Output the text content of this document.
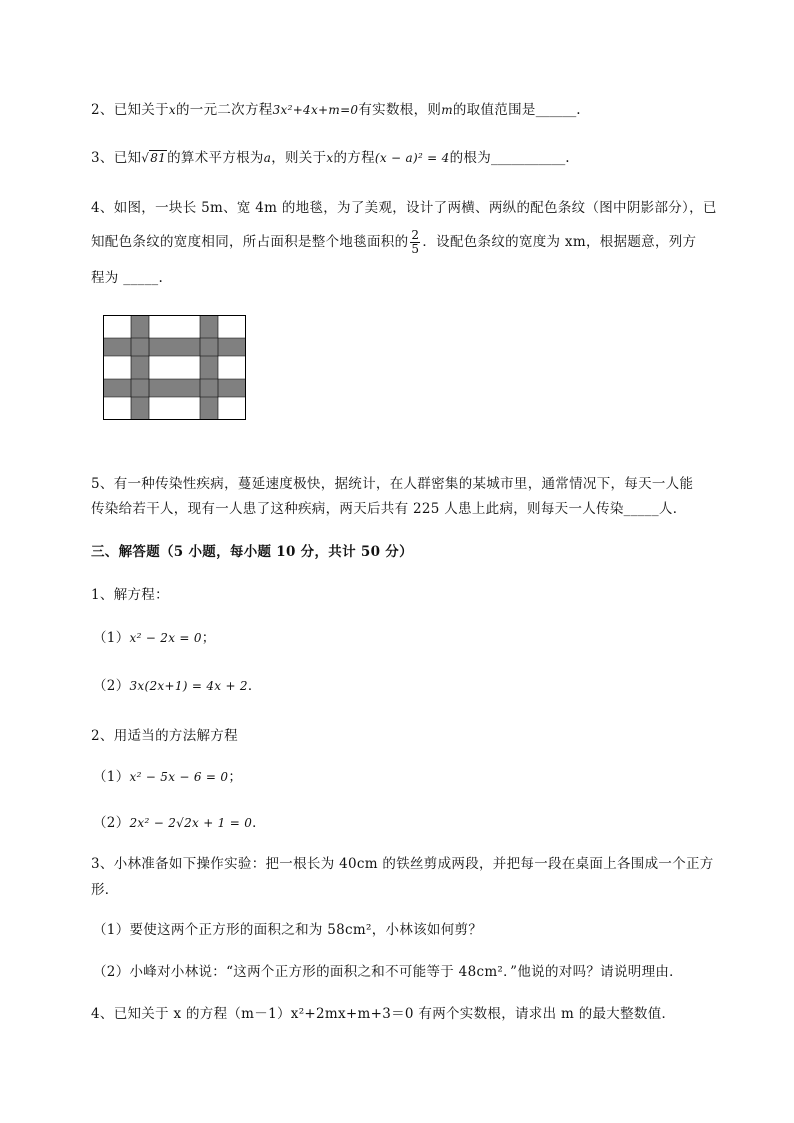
2、已知关于x的一元二次方程3x²+4x+m=0有实数根，则m的取值范围是______.
3、已知√81的算术平方根为a，则关于x的方程(x − a)² = 4的根为___________.
4、如图，一块长 5m、宽 4m 的地毯，为了美观，设计了两横、两纵的配色条纹（图中阴影部分），已
知配色条纹的宽度相同，所占面积是整个地毯面积的 $\frac{2}{5}$ ．设配色条纹的宽度为 xm，根据题意，列方
程为 _____.
5、有一种传染性疾病，蔓延速度极快，据统计，在人群密集的某城市里，通常情况下，每天一人能
传染给若干人，现有一人患了这种疾病，两天后共有 225 人患上此病，则每天一人传染_____人．
三、解答题（5 小题，每小题 10 分，共计 50 分）
1、解方程：
（1）x² − 2x = 0；
（2）3x(2x+1) = 4x + 2．
2、用适当的方法解方程
（1）x² − 5x − 6 = 0；
（2）2x² − 2√2x + 1 = 0．
3、小林准备如下操作实验：把一根长为 40cm 的铁丝剪成两段，并把每一段在桌面上各围成一个正方
形．
（1）要使这两个正方形的面积之和为 58cm²，小林该如何剪？
（2）小峰对小林说：“这两个正方形的面积之和不可能等于 48cm²．”他说的对吗？请说明理由．
4、已知关于 x 的方程（m－1）x²+2mx+m+3＝0 有两个实数根，请求出 m 的最大整数值．
